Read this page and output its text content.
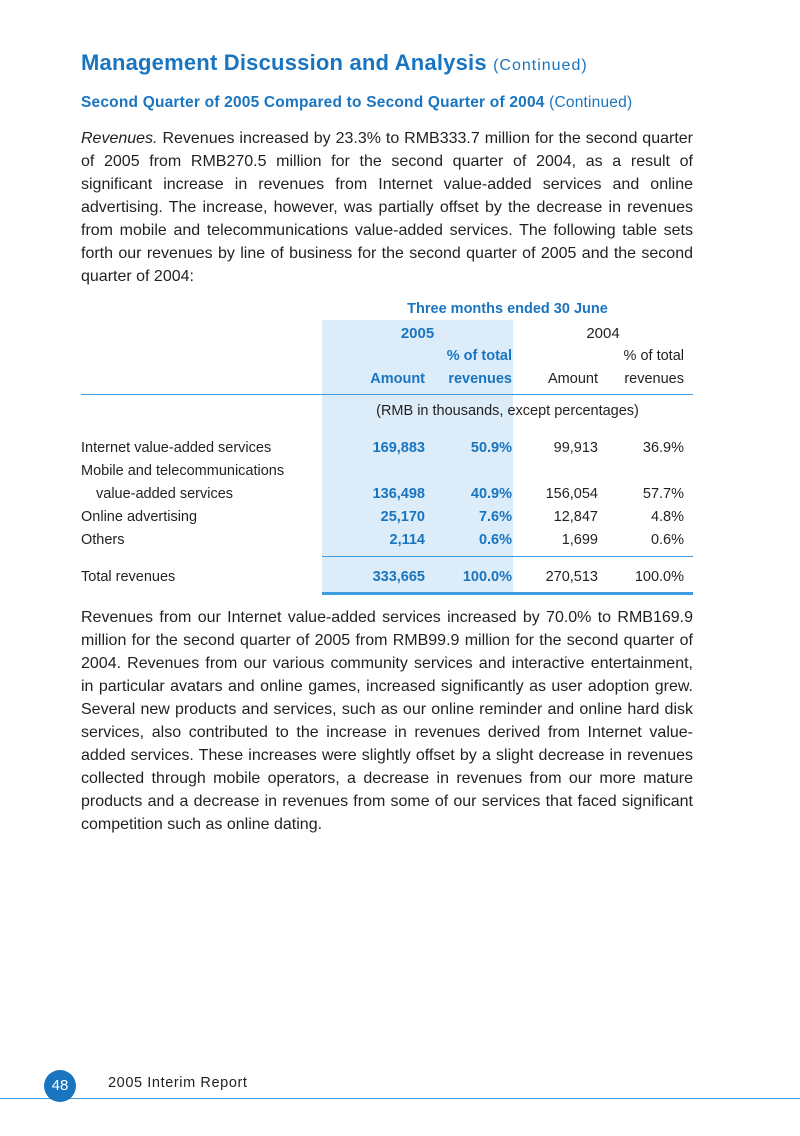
Management Discussion and Analysis (Continued)
Second Quarter of 2005 Compared to Second Quarter of 2004 (Continued)

Revenues. Revenues increased by 23.3% to RMB333.7 million for the second quarter of 2005 from RMB270.5 million for the second quarter of 2004, as a result of significant increase in revenues from Internet value-added services and online advertising. The increase, however, was partially offset by the decrease in revenues from mobile and telecommunications value-added services. The following table sets forth our revenues by line of business for the second quarter of 2005 and the second quarter of 2004:

Three months ended 30 June
2005	2004
% of total
Amount	revenues
% of total
Amount	revenues
(RMB in thousands, except percentages)
Internet value-added services	169,883	50.9%	99,913	36.9%
Mobile and telecommunications
value-added services	136,498	40.9%	156,054	57.7%
Online advertising	25,170	7.6%	12,847	4.8%
Others	2,114	0.6%	1,699	0.6%
Total revenues	333,665	100.0%	270,513	100.0%

Revenues from our Internet value-added services increased by 70.0% to RMB169.9 million for the second quarter of 2005 from RMB99.9 million for the second quarter of 2004. Revenues from our various community services and interactive entertainment, in particular avatars and online games, increased significantly as user adoption grew. Several new products and services, such as our online reminder and online hard disk services, also contributed to the increase in revenues derived from Internet value-added services. These increases were slightly offset by a slight decrease in revenues collected through mobile operators, a decrease in revenues from our more mature products and a decrease in revenues from some of our services that faced significant competition such as online dating.

48	2005 Interim Report
